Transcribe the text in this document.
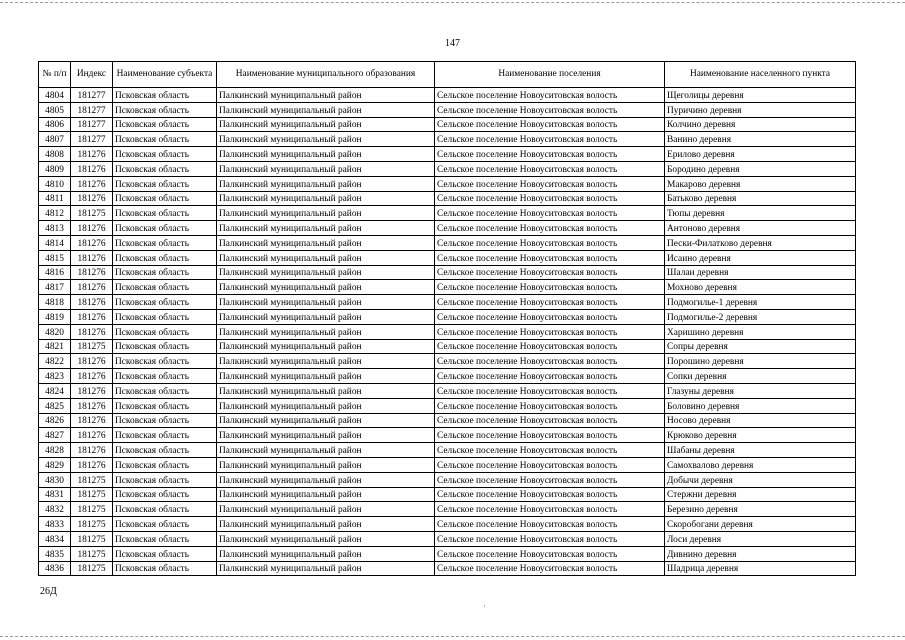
147
№ п/п	Индекс	Наименование субъекта	Наименование муниципального образования	Наименование поселения	Наименование населенного пункта
4804	181277	Псковская область	Палкинский муниципальный район	Сельское поселение Новоуситовская волость	Щеголицы деревня
4805	181277	Псковская область	Палкинский муниципальный район	Сельское поселение Новоуситовская волость	Пуричино деревня
4806	181277	Псковская область	Палкинский муниципальный район	Сельское поселение Новоуситовская волость	Колчино деревня
4807	181277	Псковская область	Палкинский муниципальный район	Сельское поселение Новоуситовская волость	Ванино деревня
4808	181276	Псковская область	Палкинский муниципальный район	Сельское поселение Новоуситовская волость	Ерилово деревня
4809	181276	Псковская область	Палкинский муниципальный район	Сельское поселение Новоуситовская волость	Бородино деревня
4810	181276	Псковская область	Палкинский муниципальный район	Сельское поселение Новоуситовская волость	Макарово деревня
4811	181276	Псковская область	Палкинский муниципальный район	Сельское поселение Новоуситовская волость	Батьково деревня
4812	181275	Псковская область	Палкинский муниципальный район	Сельское поселение Новоуситовская волость	Тюпы деревня
4813	181276	Псковская область	Палкинский муниципальный район	Сельское поселение Новоуситовская волость	Антоново деревня
4814	181276	Псковская область	Палкинский муниципальный район	Сельское поселение Новоуситовская волость	Пески-Филатково деревня
4815	181276	Псковская область	Палкинский муниципальный район	Сельское поселение Новоуситовская волость	Исаино деревня
4816	181276	Псковская область	Палкинский муниципальный район	Сельское поселение Новоуситовская волость	Шалаи деревня
4817	181276	Псковская область	Палкинский муниципальный район	Сельское поселение Новоуситовская волость	Мохново деревня
4818	181276	Псковская область	Палкинский муниципальный район	Сельское поселение Новоуситовская волость	Подмогилье-1 деревня
4819	181276	Псковская область	Палкинский муниципальный район	Сельское поселение Новоуситовская волость	Подмогилье-2 деревня
4820	181276	Псковская область	Палкинский муниципальный район	Сельское поселение Новоуситовская волость	Харишино деревня
4821	181275	Псковская область	Палкинский муниципальный район	Сельское поселение Новоуситовская волость	Сопры деревня
4822	181276	Псковская область	Палкинский муниципальный район	Сельское поселение Новоуситовская волость	Порошино деревня
4823	181276	Псковская область	Палкинский муниципальный район	Сельское поселение Новоуситовская волость	Сопки деревня
4824	181276	Псковская область	Палкинский муниципальный район	Сельское поселение Новоуситовская волость	Глазуны деревня
4825	181276	Псковская область	Палкинский муниципальный район	Сельское поселение Новоуситовская волость	Боловино деревня
4826	181276	Псковская область	Палкинский муниципальный район	Сельское поселение Новоуситовская волость	Носово деревня
4827	181276	Псковская область	Палкинский муниципальный район	Сельское поселение Новоуситовская волость	Крюково деревня
4828	181276	Псковская область	Палкинский муниципальный район	Сельское поселение Новоуситовская волость	Шабаны деревня
4829	181276	Псковская область	Палкинский муниципальный район	Сельское поселение Новоуситовская волость	Самохвалово деревня
4830	181275	Псковская область	Палкинский муниципальный район	Сельское поселение Новоуситовская волость	Добычи деревня
4831	181275	Псковская область	Палкинский муниципальный район	Сельское поселение Новоуситовская волость	Стержни деревня
4832	181275	Псковская область	Палкинский муниципальный район	Сельское поселение Новоуситовская волость	Березино деревня
4833	181275	Псковская область	Палкинский муниципальный район	Сельское поселение Новоуситовская волость	Скоробогани деревня
4834	181275	Псковская область	Палкинский муниципальный район	Сельское поселение Новоуситовская волость	Лоси деревня
4835	181275	Псковская область	Палкинский муниципальный район	Сельское поселение Новоуситовская волость	Дивнино деревня
4836	181275	Псковская область	Палкинский муниципальный район	Сельское поселение Новоуситовская волость	Шадрица деревня
26Д
·
